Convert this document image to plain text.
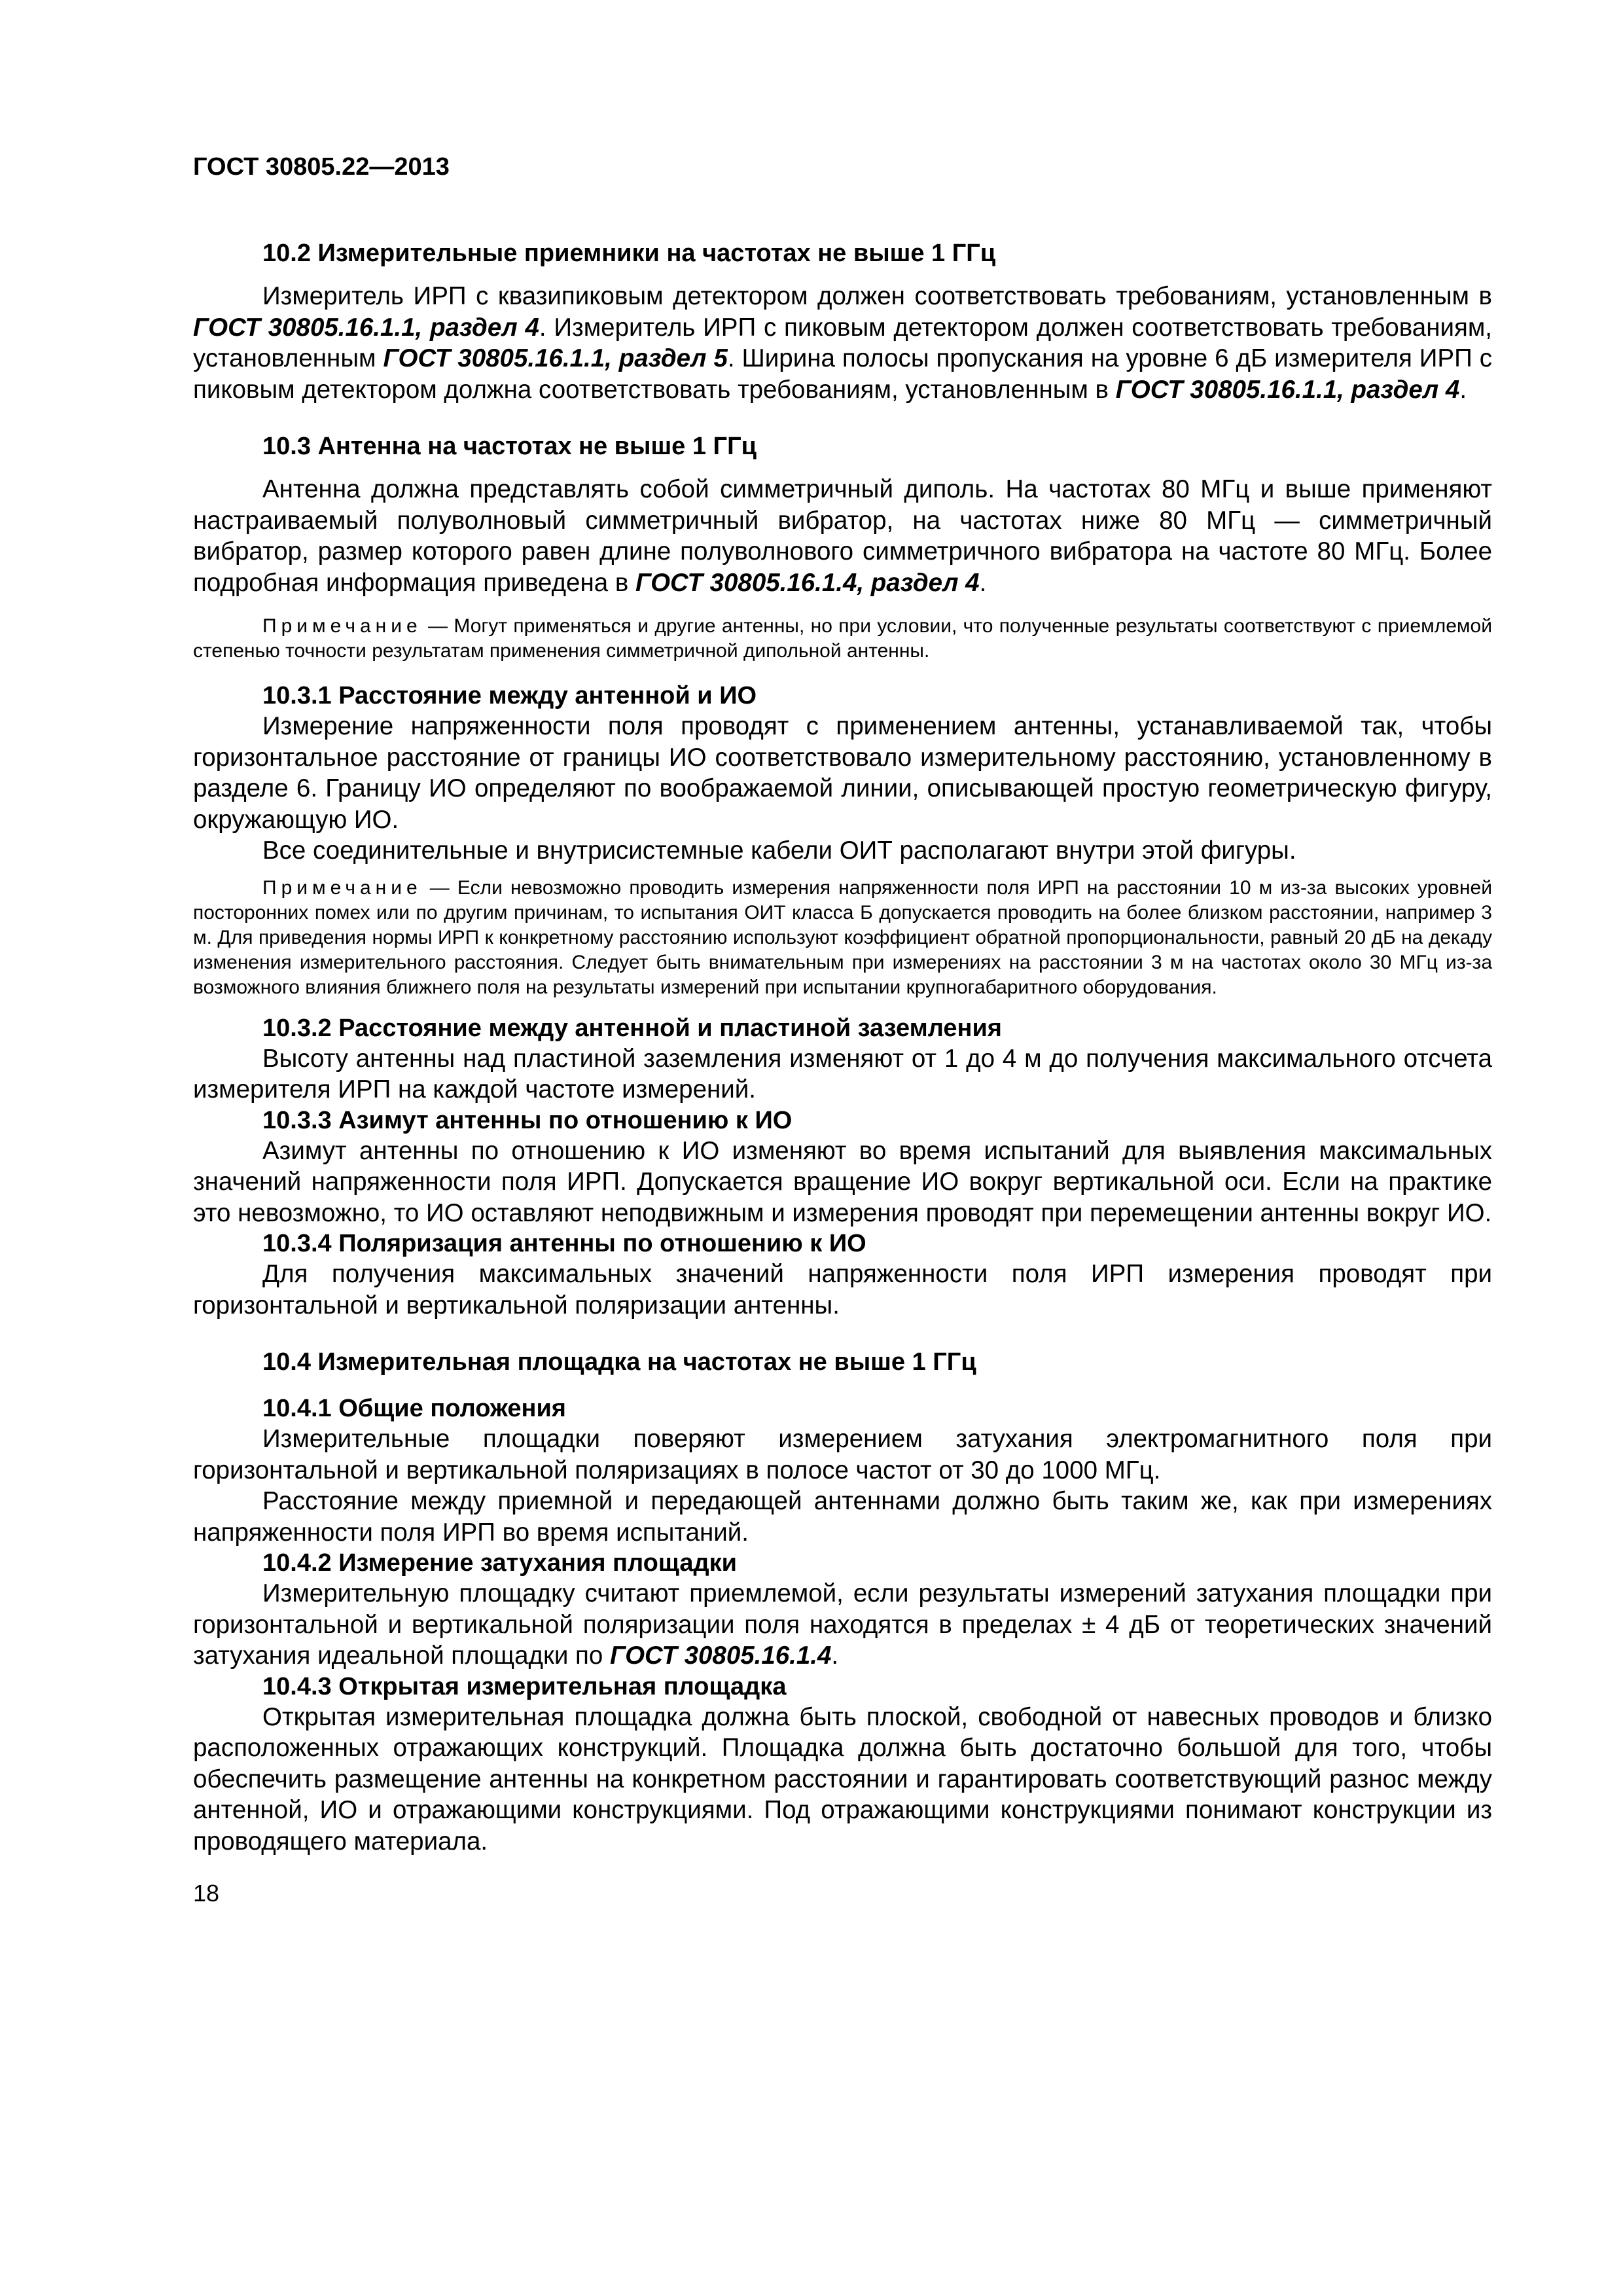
ГОСТ 30805.22—2013
10.2 Измерительные приемники на частотах не выше 1 ГГц

Измеритель ИРП с квазипиковым детектором должен соответствовать требованиям, установленным в ГОСТ 30805.16.1.1, раздел 4. Измеритель ИРП с пиковым детектором должен соответствовать требованиям, установленным ГОСТ 30805.16.1.1, раздел 5. Ширина полосы пропускания на уровне 6 дБ измерителя ИРП с пиковым детектором должна соответствовать требованиям, установленным в ГОСТ 30805.16.1.1, раздел 4.

10.3 Антенна на частотах не выше 1 ГГц

Антенна должна представлять собой симметричный диполь. На частотах 80 МГц и выше применяют настраиваемый полуволновый симметричный вибратор, на частотах ниже 80 МГц — симметричный вибратор, размер которого равен длине полуволнового симметричного вибратора на частоте 80 МГц. Более подробная информация приведена в ГОСТ 30805.16.1.4, раздел 4.

Примечание — Могут применяться и другие антенны, но при условии, что полученные результаты соответствуют с приемлемой степенью точности результатам применения симметричной дипольной антенны.

10.3.1 Расстояние между антенной и ИО

Измерение напряженности поля проводят с применением антенны, устанавливаемой так, чтобы горизонтальное расстояние от границы ИО соответствовало измерительному расстоянию, установленному в разделе 6. Границу ИО определяют по воображаемой линии, описывающей простую геометрическую фигуру, окружающую ИО.

Все соединительные и внутрисистемные кабели ОИТ располагают внутри этой фигуры.

Примечание — Если невозможно проводить измерения напряженности поля ИРП на расстоянии 10 м из-за высоких уровней посторонних помех или по другим причинам, то испытания ОИТ класса Б допускается проводить на более близком расстоянии, например 3 м. Для приведения нормы ИРП к конкретному расстоянию используют коэффициент обратной пропорциональности, равный 20 дБ на декаду изменения измерительного расстояния. Следует быть внимательным при измерениях на расстоянии 3 м на частотах около 30 МГц из-за возможного влияния ближнего поля на результаты измерений при испытании крупногабаритного оборудования.

10.3.2 Расстояние между антенной и пластиной заземления

Высоту антенны над пластиной заземления изменяют от 1 до 4 м до получения максимального отсчета измерителя ИРП на каждой частоте измерений.

10.3.3 Азимут антенны по отношению к ИО

Азимут антенны по отношению к ИО изменяют во время испытаний для выявления максимальных значений напряженности поля ИРП. Допускается вращение ИО вокруг вертикальной оси. Если на практике это невозможно, то ИО оставляют неподвижным и измерения проводят при перемещении антенны вокруг ИО.

10.3.4 Поляризация антенны по отношению к ИО

Для получения максимальных значений напряженности поля ИРП измерения проводят при горизонтальной и вертикальной поляризации антенны.

10.4 Измерительная площадка на частотах не выше 1 ГГц
10.4.1 Общие положения

Измерительные площадки поверяют измерением затухания электромагнитного поля при горизонтальной и вертикальной поляризациях в полосе частот от 30 до 1000 МГц.

Расстояние между приемной и передающей антеннами должно быть таким же, как при измерениях напряженности поля ИРП во время испытаний.

10.4.2 Измерение затухания площадки

Измерительную площадку считают приемлемой, если результаты измерений затухания площадки при горизонтальной и вертикальной поляризации поля находятся в пределах ± 4 дБ от теоретических значений затухания идеальной площадки по ГОСТ 30805.16.1.4.

10.4.3 Открытая измерительная площадка

Открытая измерительная площадка должна быть плоской, свободной от навесных проводов и близко расположенных отражающих конструкций. Площадка должна быть достаточно большой для того, чтобы обеспечить размещение антенны на конкретном расстоянии и гарантировать соответствующий разнос между антенной, ИО и отражающими конструкциями. Под отражающими конструкциями понимают конструкции из проводящего материала.

18
